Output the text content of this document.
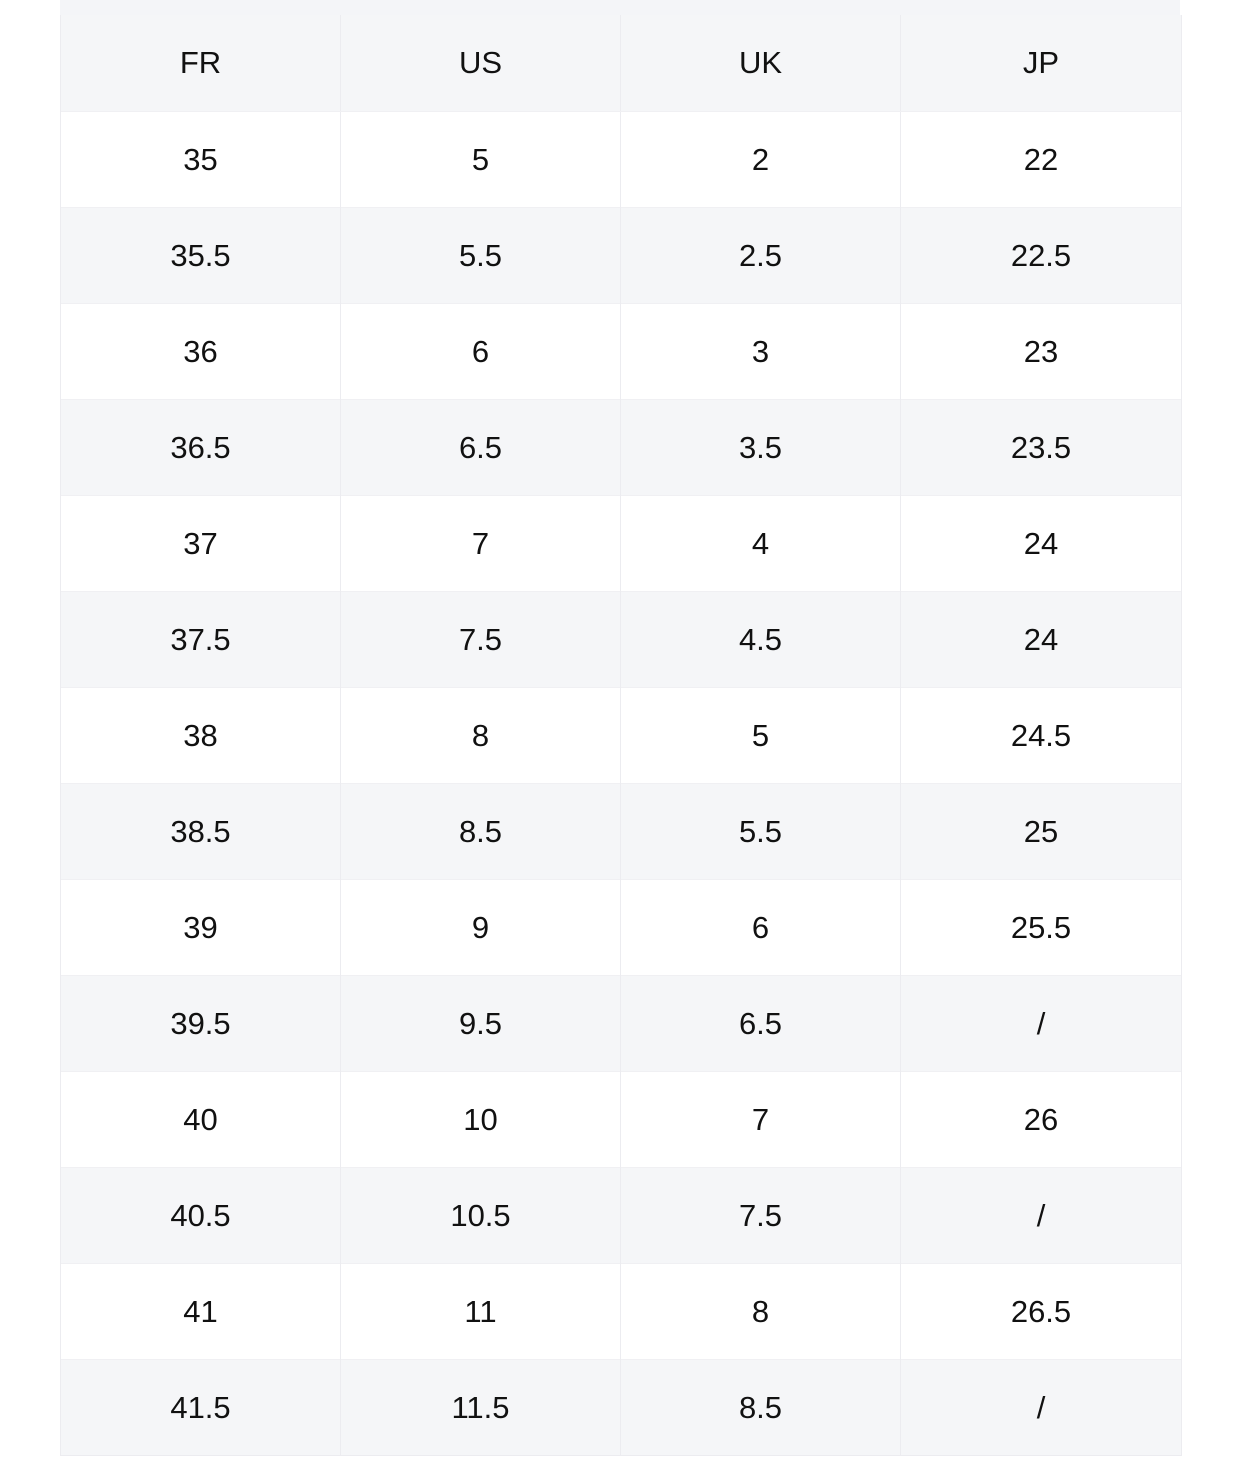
FR	US	UK	JP
35	5	2	22
35.5	5.5	2.5	22.5
36	6	3	23
36.5	6.5	3.5	23.5
37	7	4	24
37.5	7.5	4.5	24
38	8	5	24.5
38.5	8.5	5.5	25
39	9	6	25.5
39.5	9.5	6.5	/
40	10	7	26
40.5	10.5	7.5	/
41	11	8	26.5
41.5	11.5	8.5	/
